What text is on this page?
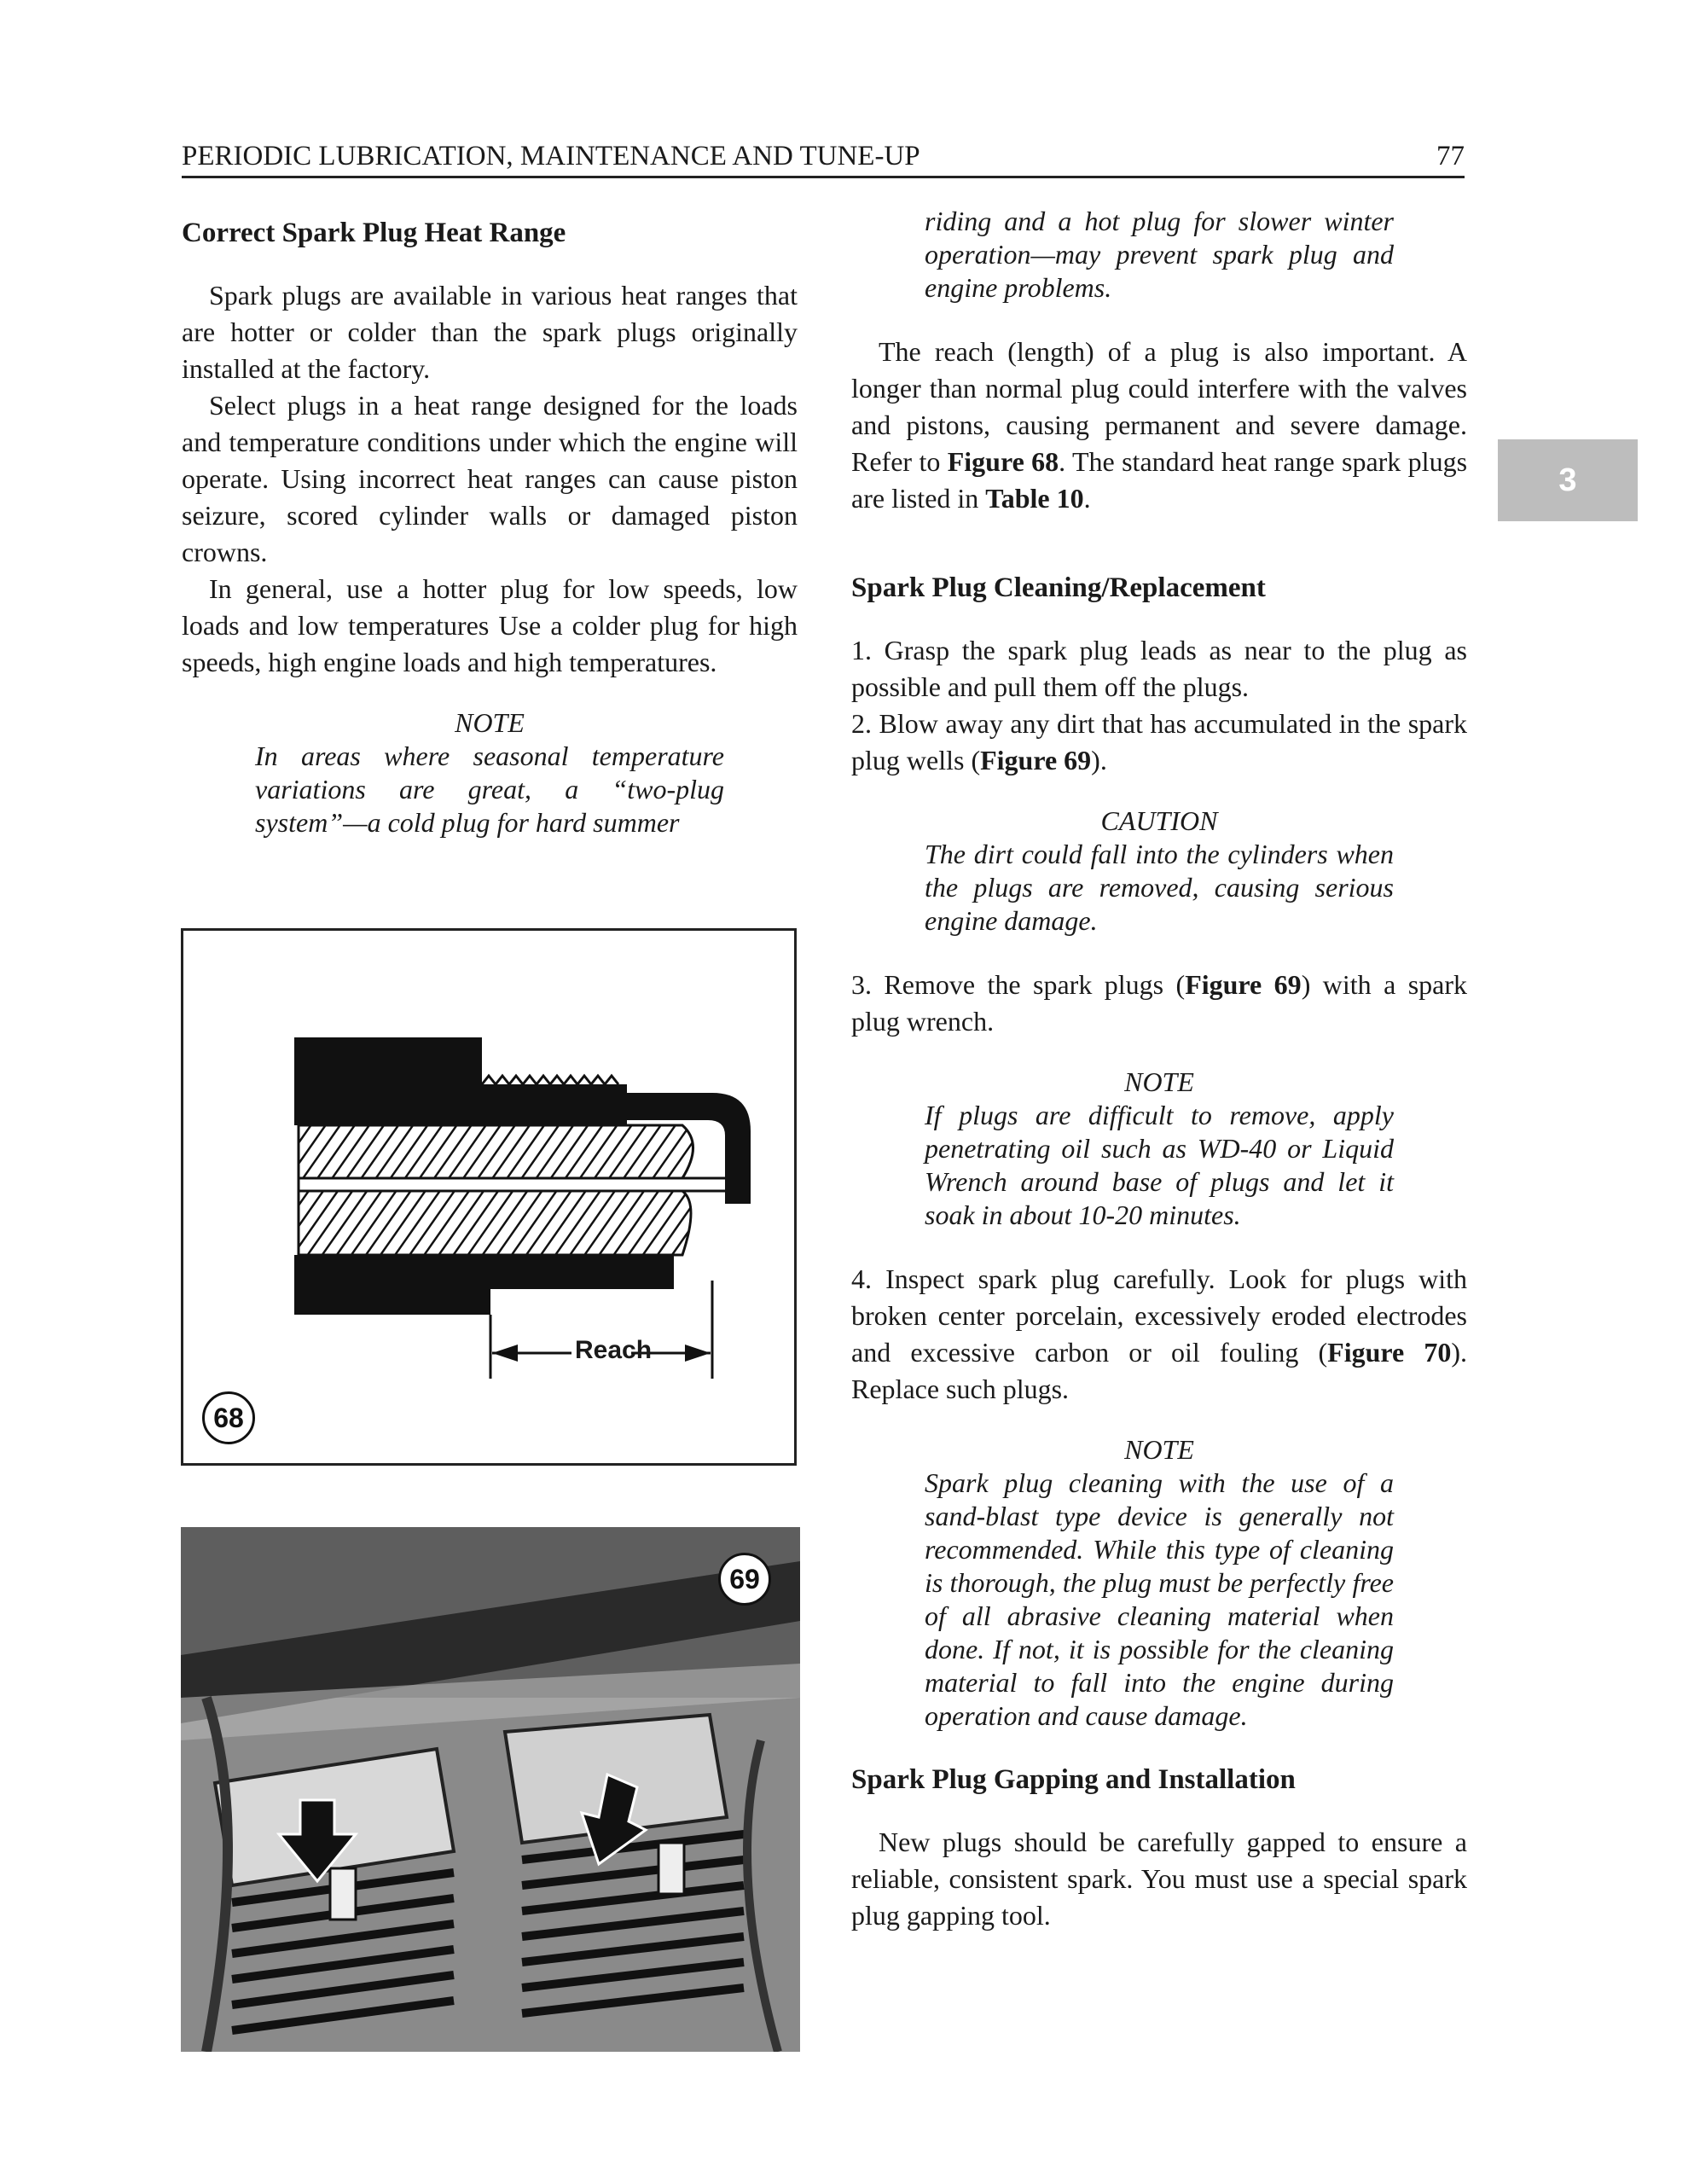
PERIODIC LUBRICATION, MAINTENANCE AND TUNE-UP	77
3
Correct Spark Plug Heat Range

Spark plugs are available in various heat ranges that are hotter or colder than the spark plugs originally installed at the factory.

Select plugs in a heat range designed for the loads and temperature conditions under which the engine will operate. Using incorrect heat ranges can cause piston seizure, scored cylinder walls or damaged piston crowns.

In general, use a hotter plug for low speeds, low loads and low temperatures Use a colder plug for high speeds, high engine loads and high temperatures.

NOTE
In areas where seasonal temperature variations are great, a “two-plug system”—a cold plug for hard summer
Reach
68
69
riding and a hot plug for slower winter operation—may prevent spark plug and engine problems.

The reach (length) of a plug is also important. A longer than normal plug could interfere with the valves and pistons, causing permanent and severe damage. Refer to Figure 68. The standard heat range spark plugs are listed in Table 10.

Spark Plug Cleaning/Replacement

1. Grasp the spark plug leads as near to the plug as possible and pull them off the plugs.

2. Blow away any dirt that has accumulated in the spark plug wells (Figure 69).

CAUTION
The dirt could fall into the cylinders when the plugs are removed, causing serious engine damage.

3. Remove the spark plugs (Figure 69) with a spark plug wrench.

NOTE
If plugs are difficult to remove, apply penetrating oil such as WD-40 or Liquid Wrench around base of plugs and let it soak in about 10-20 minutes.

4. Inspect spark plug carefully. Look for plugs with broken center porcelain, excessively eroded electrodes and excessive carbon or oil fouling (Figure 70). Replace such plugs.

NOTE
Spark plug cleaning with the use of a sand-blast type device is generally not recommended. While this type of cleaning is thorough, the plug must be perfectly free of all abrasive cleaning material when done. If not, it is possible for the cleaning material to fall into the engine during operation and cause damage.
Spark Plug Gapping and Installation

New plugs should be carefully gapped to ensure a reliable, consistent spark. You must use a special spark plug gapping tool.
